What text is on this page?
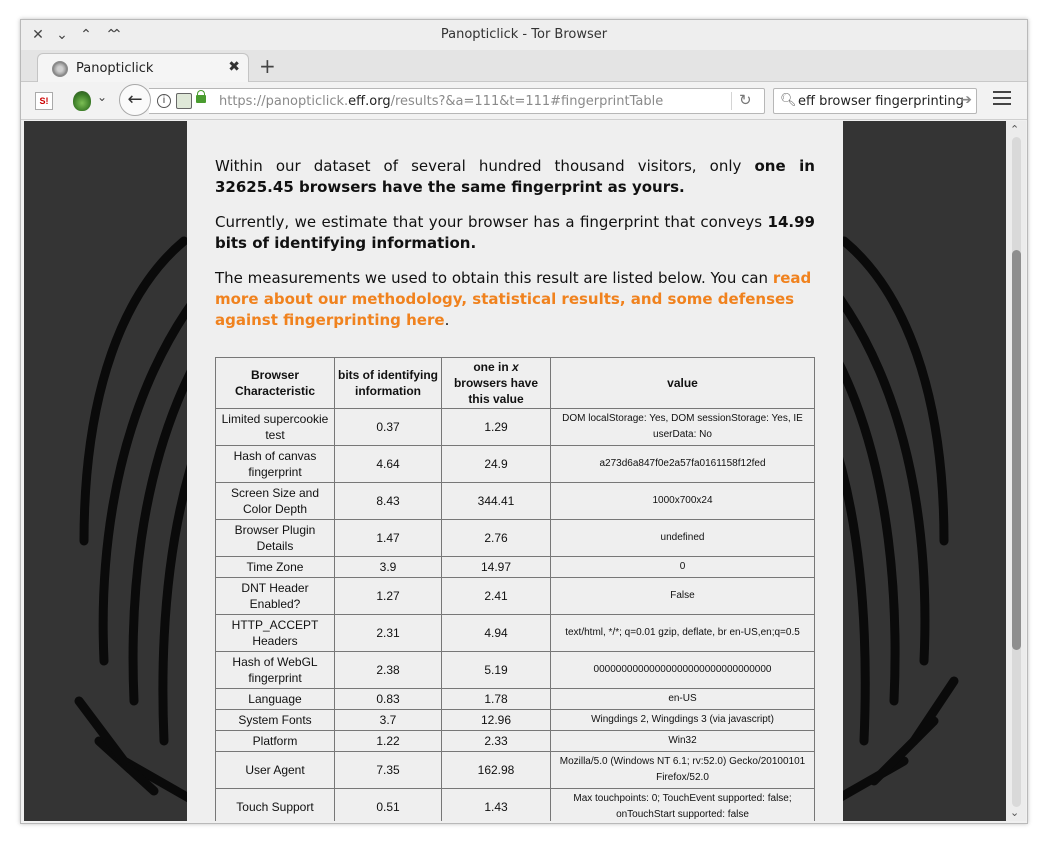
✕ ⌄ ⌃ ⌃⌃	Panopticlick - Tor Browser
Panopticlick	✖ +
S!	⌄	i	https://panopticlick.eff.org/results?&a=111&t=111#fingerprintTable	↻
←	🔍︎ eff browser fingerprinting
➔

Within our dataset of several hundred thousand visitors, only one in 32625.45 browsers have the same fingerprint as yours.

Currently, we estimate that your browser has a fingerprint that conveys 14.99 bits of identifying information.

The measurements we used to obtain this result are listed below. You can read more about our methodology, statistical results, and some defenses against fingerprinting here.

Browser Characteristic	bits of identifying information	one in x browsers have this value	value
Limited supercookie test	0.37	1.29	DOM localStorage: Yes, DOM sessionStorage: Yes, IE userData: No
Hash of canvas fingerprint	4.64	24.9	a273d6a847f0e2a57fa0161158f12fed
Screen Size and Color Depth	8.43	344.41	1000x700x24
Browser Plugin Details	1.47	2.76	undefined
Time Zone	3.9	14.97	0
DNT Header Enabled?	1.27	2.41	False
HTTP_ACCEPT Headers	2.31	4.94	text/html, */*; q=0.01 gzip, deflate, br en-US,en;q=0.5
Hash of WebGL fingerprint	2.38	5.19	00000000000000000000000000000000
Language	0.83	1.78	en-US
System Fonts	3.7	12.96	Wingdings 2, Wingdings 3 (via javascript)
Platform	1.22	2.33	Win32
User Agent	7.35	162.98	Mozilla/5.0 (Windows NT 6.1; rv:52.0) Gecko/20100101 Firefox/52.0
Touch Support	0.51	1.43	Max touchpoints: 0; TouchEvent supported: false; onTouchStart supported: false

⌃
⌄
